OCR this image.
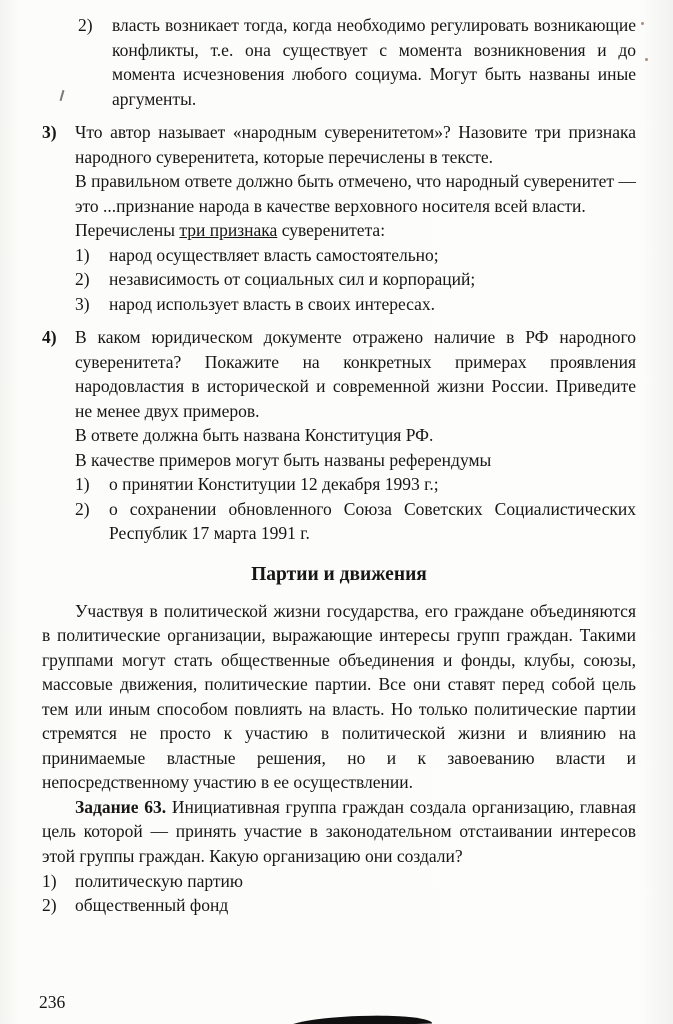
2)	власть возникает тогда, когда необходимо регулировать возникающие конфликты, т.е. она существует с момента возникновения и до момента исчезновения любого социума. Могут быть названы иные аргументы.
3)	Что автор называет «народным суверенитетом»? Назовите три признака народного суверенитета, которые перечислены в тексте.
В правильном ответе должно быть отмечено, что народный суверенитет — это ...признание народа в качестве верховного носителя всей власти.
Перечислены три признака суверенитета:
1)	народ осуществляет власть самостоятельно;
2)	независимость от социальных сил и корпораций;
3)	народ использует власть в своих интересах.
4)	В каком юридическом документе отражено наличие в РФ народного суверенитета? Покажите на конкретных примерах проявления народовластия в исторической и современной жизни России. Приведите не менее двух примеров.
В ответе должна быть названа Конституция РФ.
В качестве примеров могут быть названы референдумы
1)	о принятии Конституции 12 декабря 1993 г.;
2)	о сохранении обновленного Союза Советских Социалистических Республик 17 марта 1991 г.
Партии и движения

Участвуя в политической жизни государства, его граждане объединяются в политические организации, выражающие интересы групп граждан. Такими группами могут стать общественные объединения и фонды, клубы, союзы, массовые движения, политические партии. Все они ставят перед собой цель тем или иным способом повлиять на власть. Но только политические партии стремятся не просто к участию в политической жизни и влиянию на принимаемые властные решения, но и к завоеванию власти и непосредственному участию в ее осуществлении.

Задание 63. Инициативная группа граждан создала организацию, главная цель которой — принять участие в законодательном отстаивании интересов этой группы граждан. Какую организацию они создали?

1)	политическую партию
2)	общественный фонд
236
